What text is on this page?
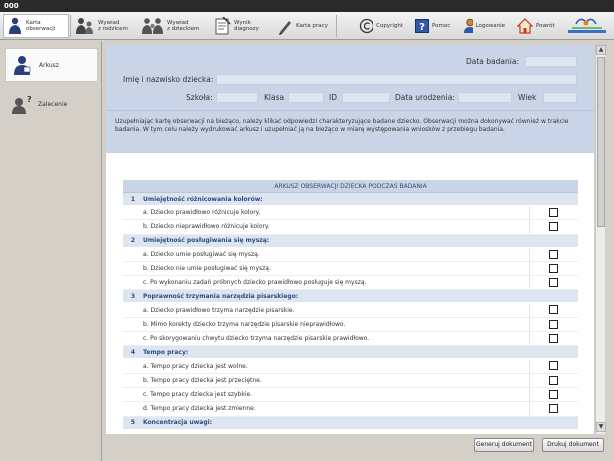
000
Karta
obserwacji
Wywiad
z rodzicem
Wywiad
z dzieckiem
Wynik
diagnozy	Karta pracy	Copyright ? Pomoc	Logowanie	Powrót
Arkusz
? Zalecenie
Data badania:
Imię i nazwisko dziecka:
Szkoła:	Klasa	ID	Data urodzenia:	Wiek
Uzupełniając kartę obserwacji na bieżąco, należy klikać odpowiedzi charakteryzujące badane dziecko. Obserwacji można dokonywać również w trakcie badania. W tym celu należy wydrukować arkusz i uzupełniać ją na bieżąco w miarę występowania wniosków z przebiegu badania.
ARKUSZ OBSERWACJI DZIECKA PODCZAS BADANIA
1	Umiejętność różnicowania kolorów:
a. Dziecko prawidłowo różnicuje kolory.
b. Dziecko nieprawidłowo różnicuje kolory.
2	Umiejętność posługiwania się myszą:
a. Dziecko umie posługiwać się myszą.
b. Dziecko nie umie posługiwać się myszą.
c. Po wykonaniu zadań próbnych dziecko prawidłowo posługuje się myszą.
3	Poprawność trzymania narzędzia pisarskiego:
a. Dziecko prawidłowo trzyma narzędzie pisarskie.
b. Mimo korekty dziecko trzyma narzędzie pisarskie nieprawidłowo.
c. Po skorygowaniu chwytu dziecko trzyma narzędzie pisarskie prawidłowo.
4	Tempo pracy:
a. Tempo pracy dziecka jest wolne.
b. Tempo pracy dziecka jest przeciętne.
c. Tempo pracy dziecka jest szybkie.
d. Tempo pracy dziecka jest zmienne.
5	Koncentracja uwagi:
▲
▼
Generuj dokument	Drukuj dokument
